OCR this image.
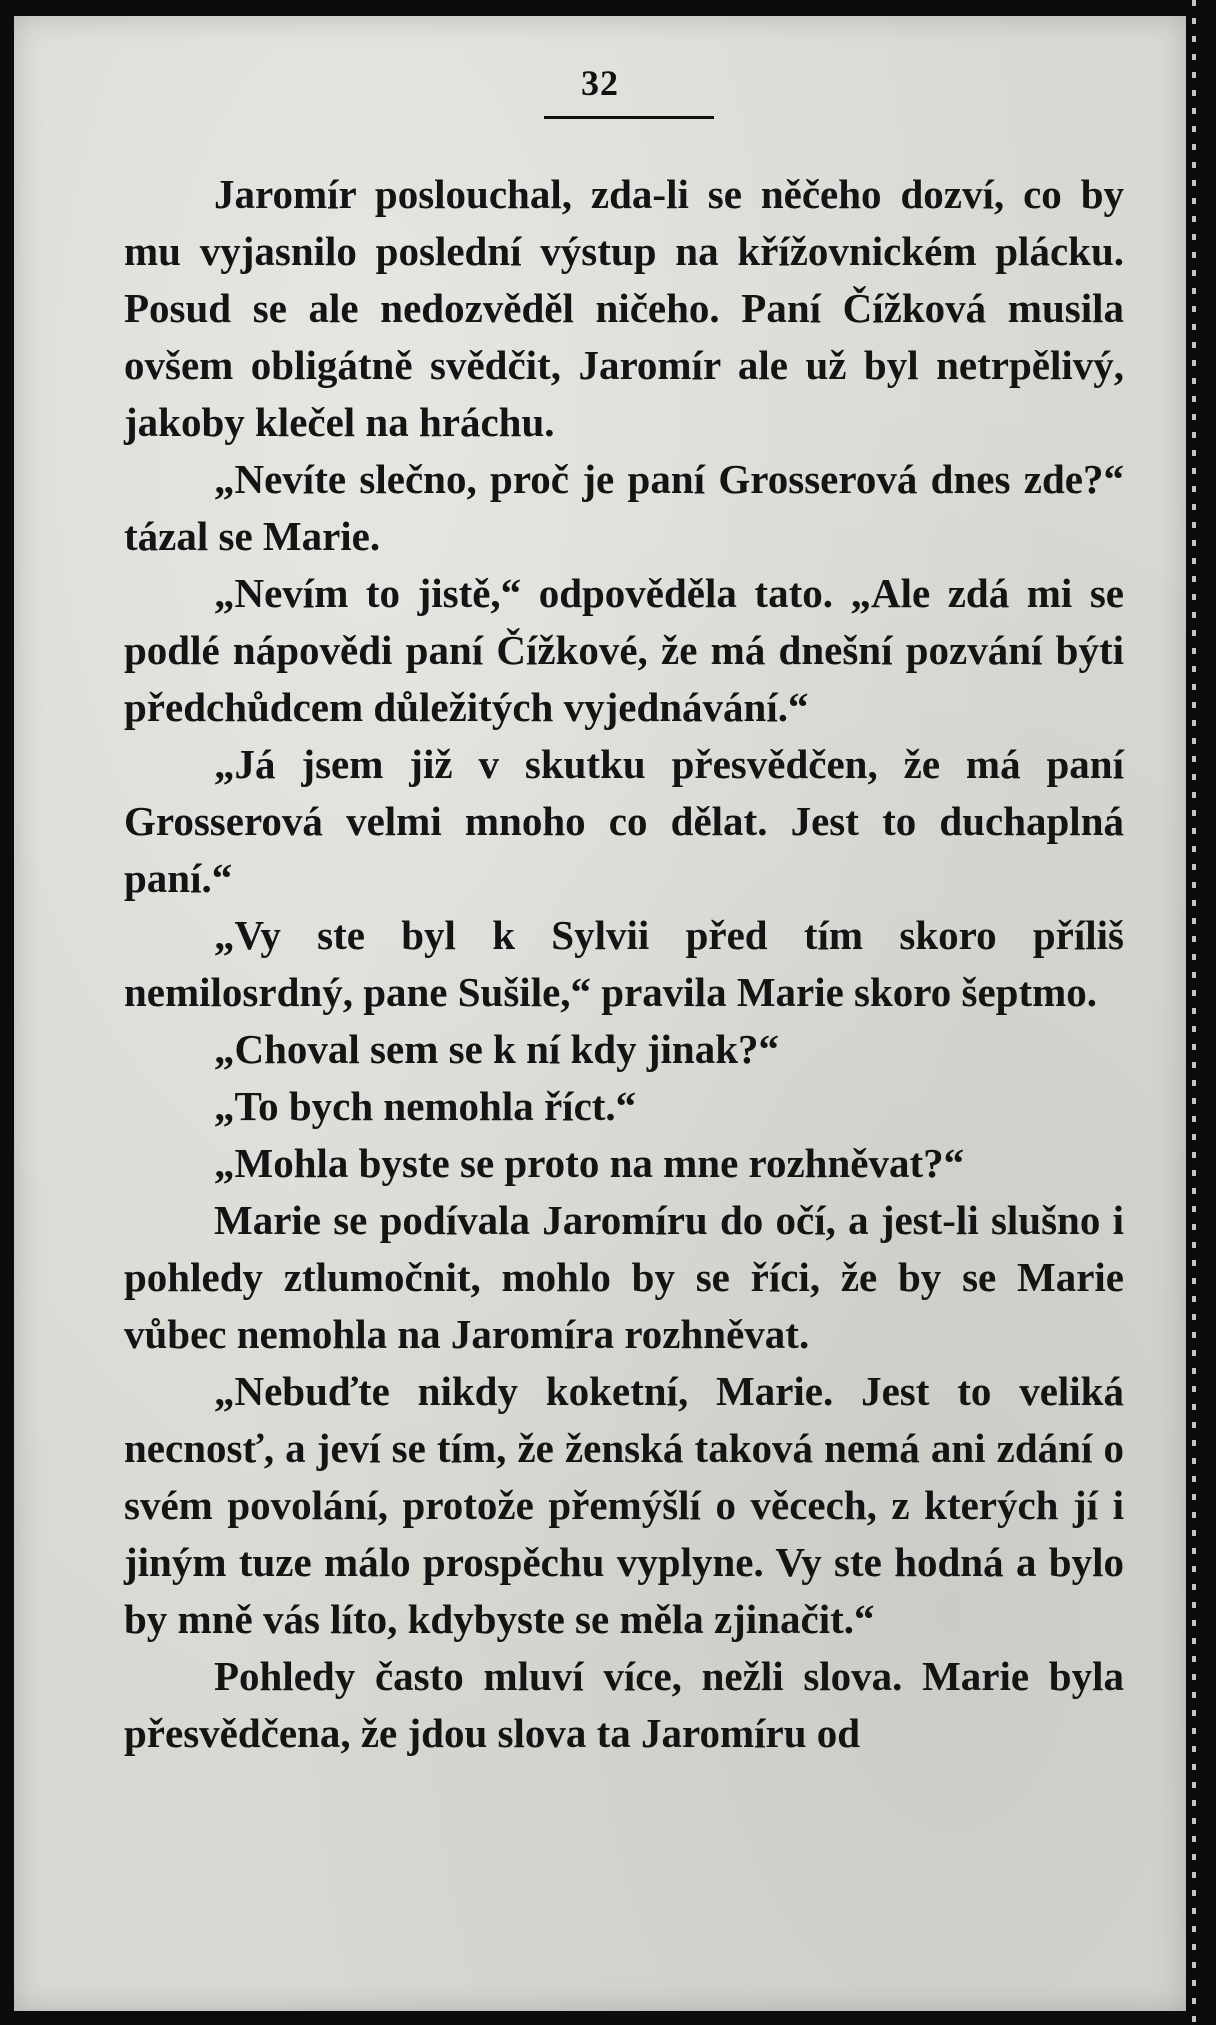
32

Jaromír poslouchal, zda-li se něčeho dozví, co by mu vyjasnilo poslední výstup na křížovnickém plácku. Posud se ale nedozvěděl ničeho. Paní Čížková musila ovšem obligátně svědčit, Jaromír ale už byl netrpělivý, jakoby klečel na hráchu.

„Nevíte slečno, proč je paní Grosserová dnes zde?“ tázal se Marie.

„Nevím to jistě,“ odpověděla tato. „Ale zdá mi se podlé nápovědi paní Čížkové, že má dnešní pozvání býti předchůdcem důležitých vyjednávání.“

„Já jsem již v skutku přesvědčen, že má paní Grosserová velmi mnoho co dělat. Jest to duchaplná paní.“

„Vy ste byl k Sylvii před tím skoro příliš nemilosrdný, pane Sušile,“ pravila Marie skoro šeptmo.

„Choval sem se k ní kdy jinak?“

„To bych nemohla říct.“

„Mohla byste se proto na mne rozhněvat?“

Marie se podívala Jaromíru do očí, a jest-li slušno i pohledy ztlumočnit, mohlo by se říci, že by se Marie vůbec nemohla na Jaromíra rozhněvat.

„Nebuďte nikdy koketní, Marie. Jest to veliká necnosť, a jeví se tím, že ženská taková nemá ani zdání o svém povolání, protože přemýšlí o věcech, z kterých jí i jiným tuze málo prospěchu vyplyne. Vy ste hodná a bylo by mně vás líto, kdybyste se měla zjinačit.“

Pohledy často mluví více, nežli slova. Marie byla přesvědčena, že jdou slova ta Jaromíru od
